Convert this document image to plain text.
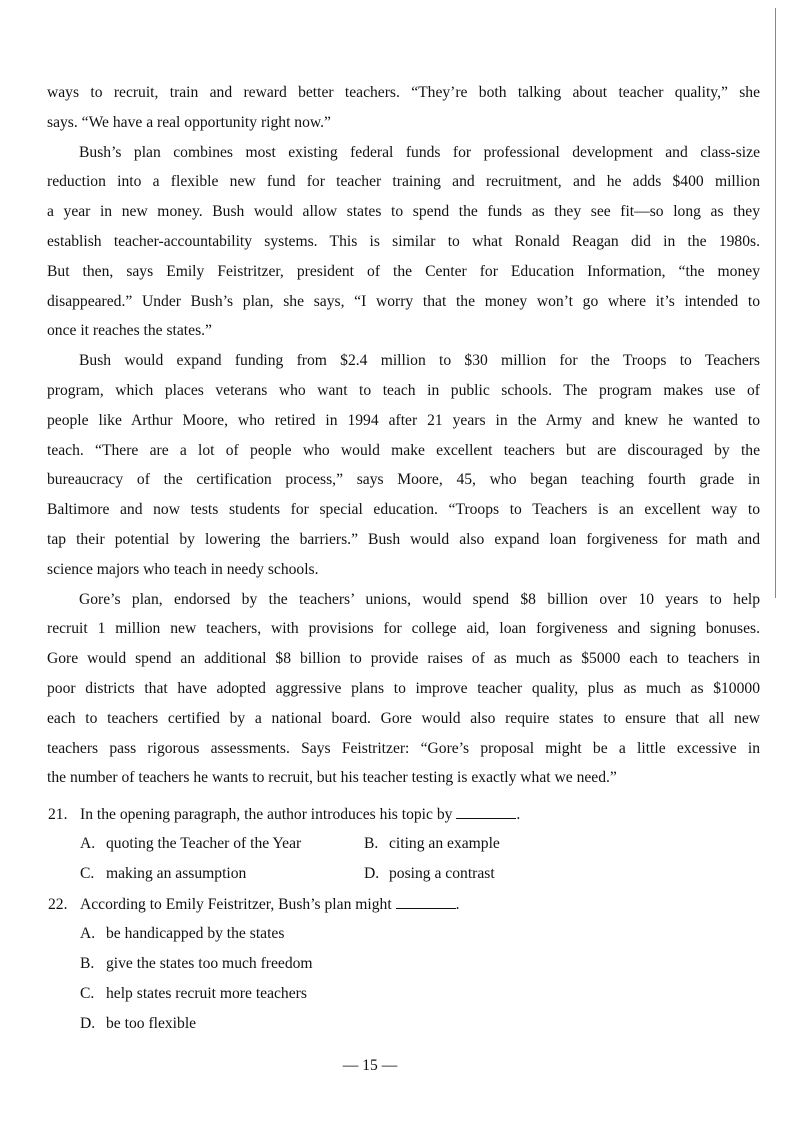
ways to recruit, train and reward better teachers. “They’re both talking about teacher quality,” she
says. “We have a real opportunity right now.”
Bush’s plan combines most existing federal funds for professional development and class-size
reduction into a flexible new fund for teacher training and recruitment, and he adds $400 million
a year in new money. Bush would allow states to spend the funds as they see fit—so long as they
establish teacher-accountability systems. This is similar to what Ronald Reagan did in the 1980s.
But then, says Emily Feistritzer, president of the Center for Education Information, “the money
disappeared.” Under Bush’s plan, she says, “I worry that the money won’t go where it’s intended to
once it reaches the states.”
Bush would expand funding from $2.4 million to $30 million for the Troops to Teachers
program, which places veterans who want to teach in public schools. The program makes use of
people like Arthur Moore, who retired in 1994 after 21 years in the Army and knew he wanted to
teach. “There are a lot of people who would make excellent teachers but are discouraged by the
bureaucracy of the certification process,” says Moore, 45, who began teaching fourth grade in
Baltimore and now tests students for special education. “Troops to Teachers is an excellent way to
tap their potential by lowering the barriers.” Bush would also expand loan forgiveness for math and
science majors who teach in needy schools.
Gore’s plan, endorsed by the teachers’ unions, would spend $8 billion over 10 years to help
recruit 1 million new teachers, with provisions for college aid, loan forgiveness and signing bonuses.
Gore would spend an additional $8 billion to provide raises of as much as $5000 each to teachers in
poor districts that have adopted aggressive plans to improve teacher quality, plus as much as $10000
each to teachers certified by a national board. Gore would also require states to ensure that all new
teachers pass rigorous assessments. Says Feistritzer: “Gore’s proposal might be a little excessive in
the number of teachers he wants to recruit, but his teacher testing is exactly what we need.”
21. In the opening paragraph, the author introduces his topic by	.
A. quoting the Teacher of the Year	B. citing an example
C. making an assumption	D. posing a contrast
22. According to Emily Feistritzer, Bush’s plan might	.
A. be handicapped by the states
B. give the states too much freedom
C. help states recruit more teachers
D. be too flexible
— 15 —
